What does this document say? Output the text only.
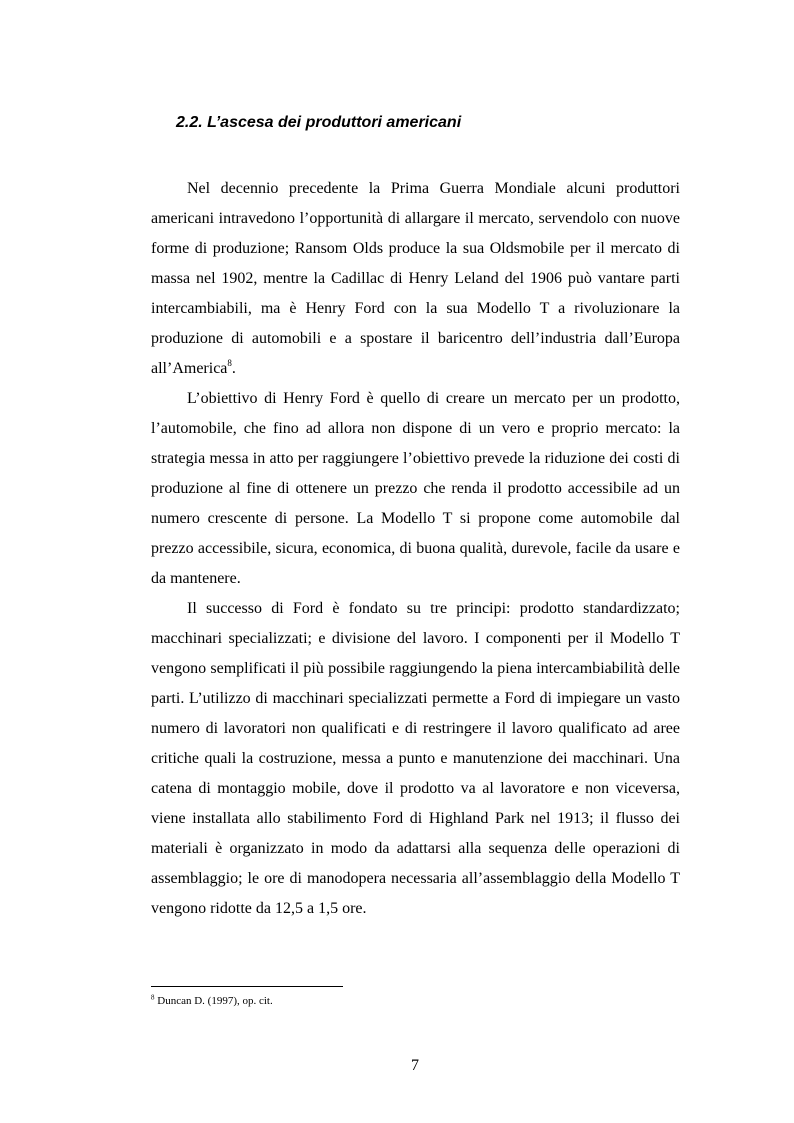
2.2. L’ascesa dei produttori americani

Nel decennio precedente la Prima Guerra Mondiale alcuni produttori americani intravedono l’opportunità di allargare il mercato, servendolo con nuove forme di produzione; Ransom Olds produce la sua Oldsmobile per il mercato di massa nel 1902, mentre la Cadillac di Henry Leland del 1906 può vantare parti intercambiabili, ma è Henry Ford con la sua Modello T a rivoluzionare la produzione di automobili e a spostare il baricentro dell’industria dall’Europa all’America$^8$.

L’obiettivo di Henry Ford è quello di creare un mercato per un prodotto, l’automobile, che fino ad allora non dispone di un vero e proprio mercato: la strategia messa in atto per raggiungere l’obiettivo prevede la riduzione dei costi di produzione al fine di ottenere un prezzo che renda il prodotto accessibile ad un numero crescente di persone. La Modello T si propone come automobile dal prezzo accessibile, sicura, economica, di buona qualità, durevole, facile da usare e da mantenere.

Il successo di Ford è fondato su tre principi: prodotto standardizzato; macchinari specializzati; e divisione del lavoro. I componenti per il Modello T vengono semplificati il più possibile raggiungendo la piena intercambiabilità delle parti. L’utilizzo di macchinari specializzati permette a Ford di impiegare un vasto numero di lavoratori non qualificati e di restringere il lavoro qualificato ad aree critiche quali la costruzione, messa a punto e manutenzione dei macchinari. Una catena di montaggio mobile, dove il prodotto va al lavoratore e non viceversa, viene installata allo stabilimento Ford di Highland Park nel 1913; il flusso dei materiali è organizzato in modo da adattarsi alla sequenza delle operazioni di assemblaggio; le ore di manodopera necessaria all’assemblaggio della Modello T vengono ridotte da 12,5 a 1,5 ore.

$^8$ Duncan D. (1997), op. cit.
7
